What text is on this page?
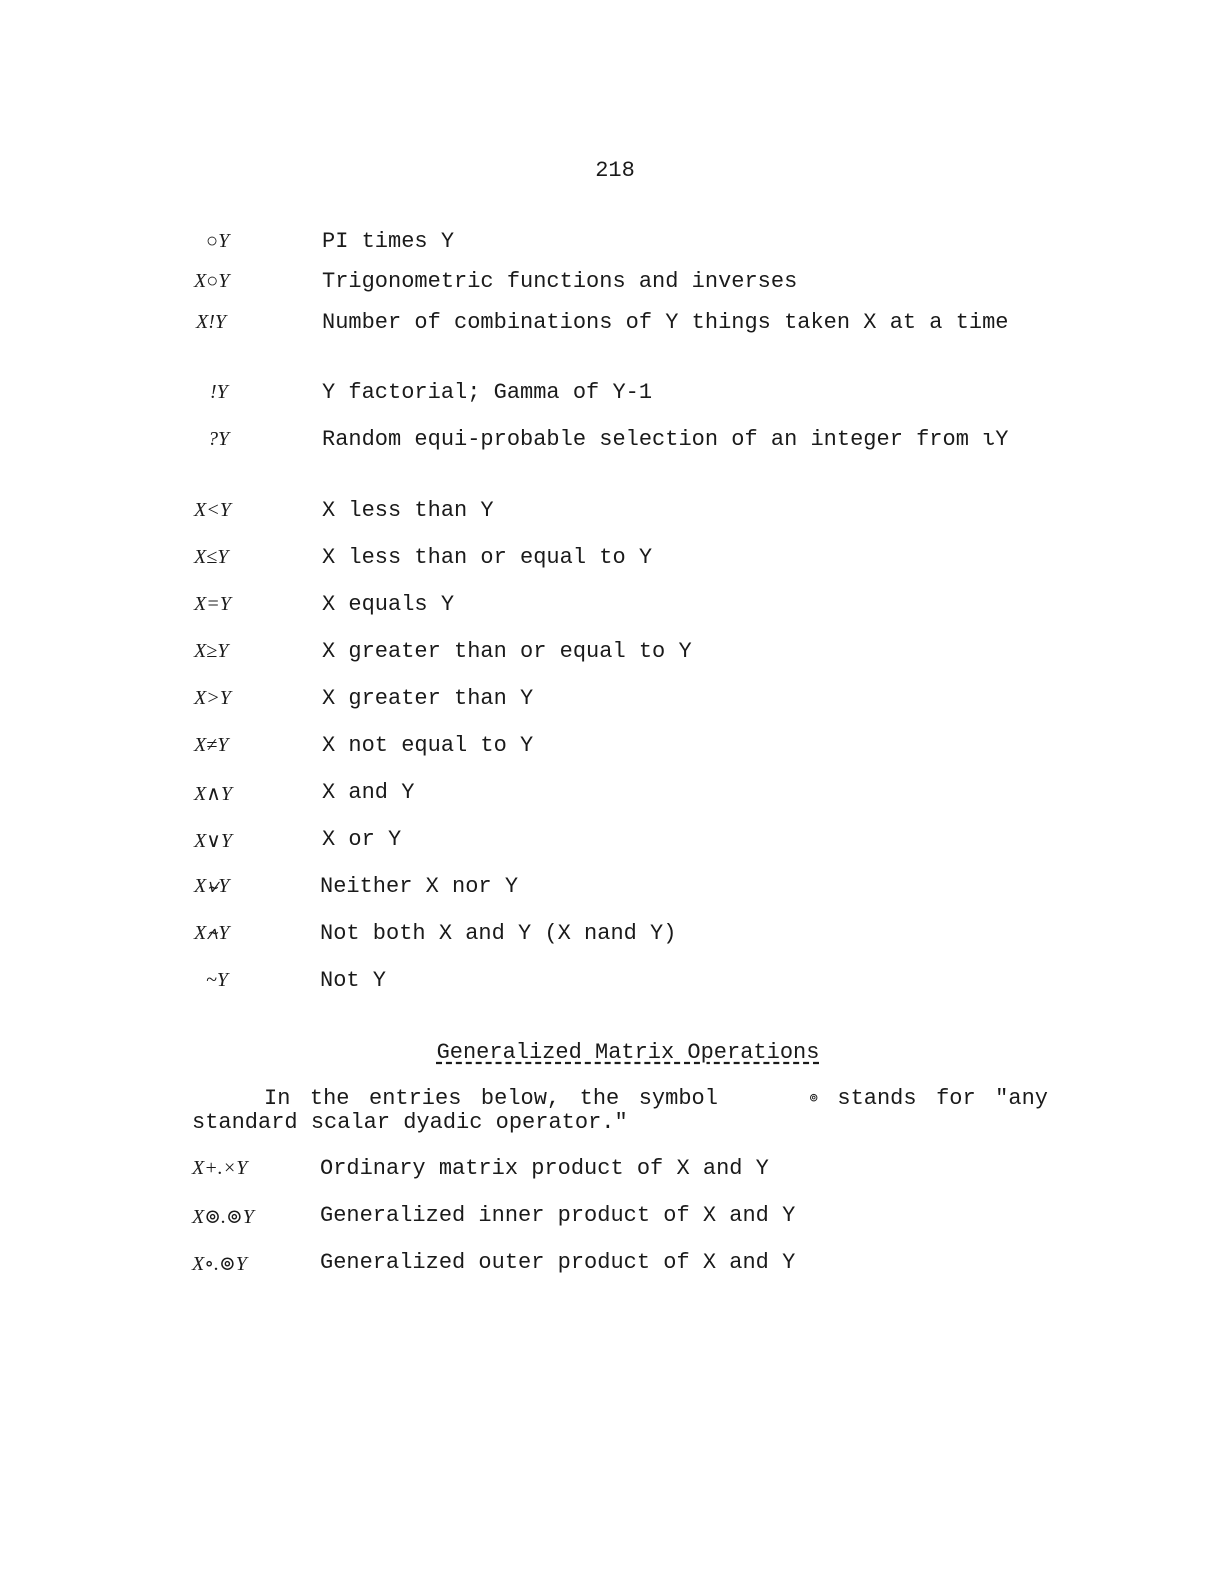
218
○Y	PI times Y
X○Y	Trigonometric functions and inverses
X!Y	Number of combinations of Y things taken X at a time
!Y	Y factorial; Gamma of Y-1
?Y	Random equi-probable selection of an integer from ιY
X<Y	X less than Y
X≤Y	X less than or equal to Y
X=Y	X equals Y
X≥Y	X greater than or equal to Y
X>Y	X greater than Y
X≠Y	X not equal to Y
X∧Y	X and Y
X∨Y	X or Y
X⍱Y	Neither X nor Y
X⍲Y	Not both X and Y (X nand Y)
~Y	Not Y
Generalized Matrix Operations
In the entries below, the symbol	⊚ stands for "any standard scalar dyadic operator."
X+.×Y	Ordinary matrix product of X and Y
X⊚.⊚Y	Generalized inner product of X and Y
X∘.⊚Y	Generalized outer product of X and Y
